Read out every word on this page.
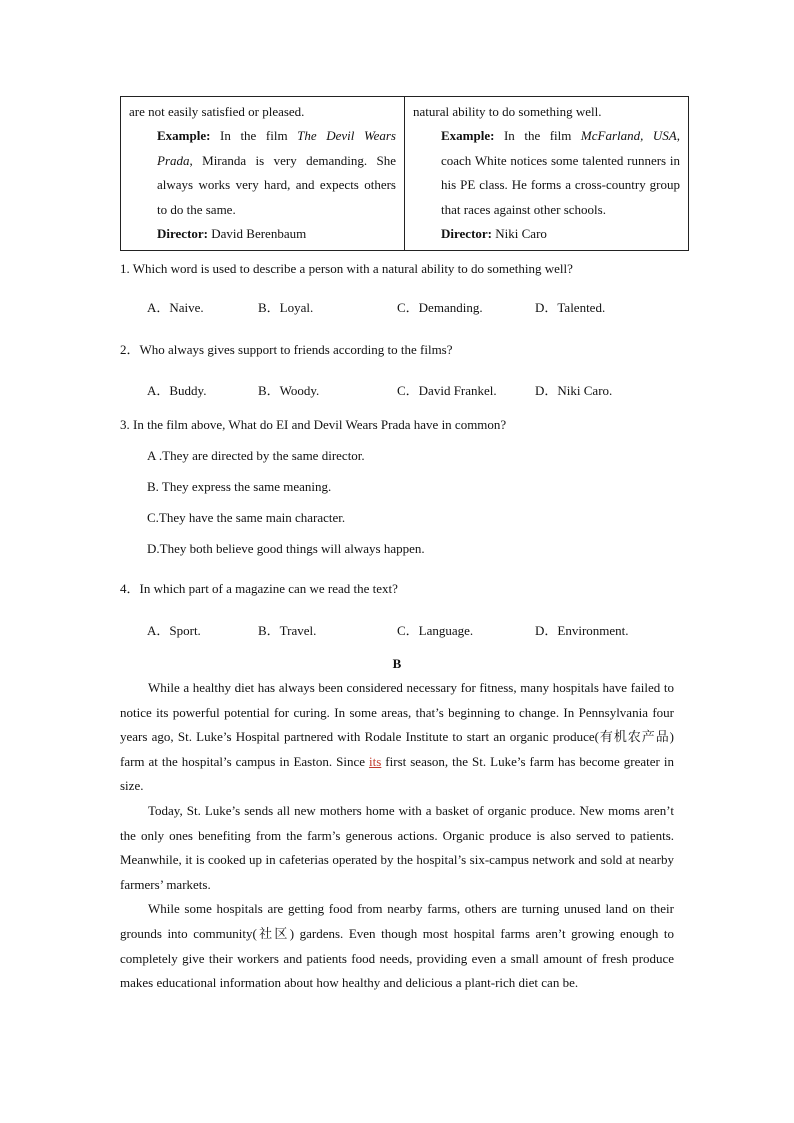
are not easily satisfied or pleased.
Example: In the film The Devil Wears Prada, Miranda is very demanding. She always works very hard, and expects others to do the same.
Director: David Berenbaum
natural ability to do something well.
Example: In the film McFarland, USA, coach White notices some talented runners in his PE class. He forms a cross-country group that races against other schools.
Director: Niki Caro
1. Which word is used to describe a person with a natural ability to do something well?
A．Naive.	B．Loyal.	C．Demanding.	D．Talented.
2．Who always gives support to friends according to the films?
A．Buddy.	B．Woody.	C．David Frankel.	D．Niki Caro.
3. In the film above, What do EI and Devil Wears Prada have in common?
A .They are directed by the same director.
B. They express the same meaning.
C.They have the same main character.
D.They both believe good things will always happen.
4．In which part of a magazine can we read the text?
A．Sport.	B．Travel.	C．Language.	D．Environment.
B

While a healthy diet has always been considered necessary for fitness, many hospitals have failed to notice its powerful potential for curing. In some areas, that’s beginning to change. In Pennsylvania four years ago, St. Luke’s Hospital partnered with Rodale Institute to start an organic produce(有机农产品) farm at the hospital’s campus in Easton. Since its first season, the St. Luke’s farm has become greater in size.

Today, St. Luke’s sends all new mothers home with a basket of organic produce. New moms aren’t the only ones benefiting from the farm’s generous actions. Organic produce is also served to patients. Meanwhile, it is cooked up in cafeterias operated by the hospital’s six-campus network and sold at nearby farmers’ markets.

While some hospitals are getting food from nearby farms, others are turning unused land on their grounds into community(社区) gardens. Even though most hospital farms aren’t growing enough to completely give their workers and patients food needs, providing even a small amount of fresh produce makes educational information about how healthy and delicious a plant-rich diet can be.
